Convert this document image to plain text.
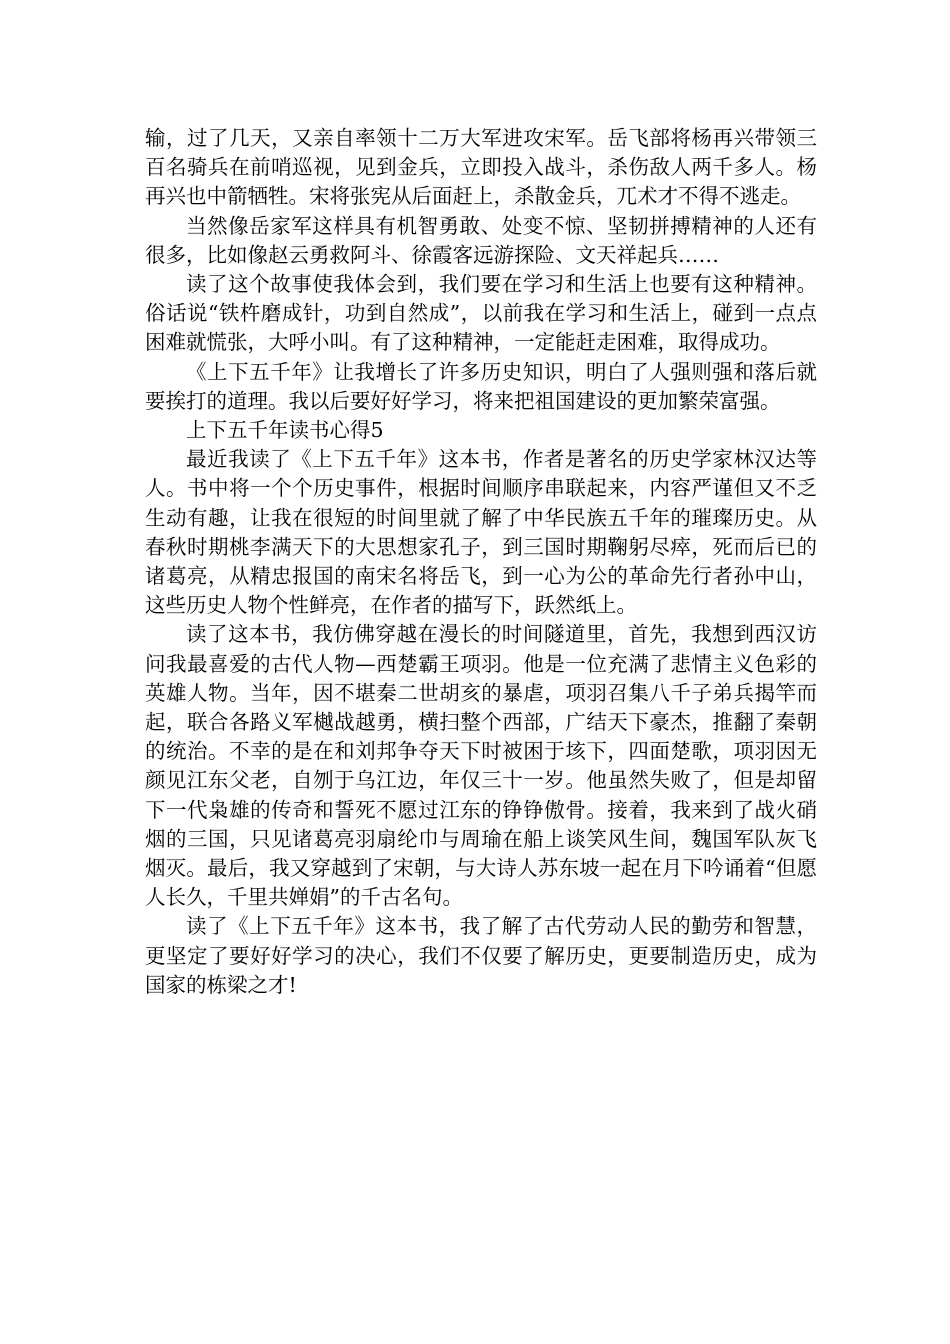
输，过了几天，又亲自率领十二万大军进攻宋军。岳飞部将杨再兴带领三百名骑兵在前哨巡视，见到金兵，立即投入战斗，杀伤敌人两千多人。杨再兴也中箭牺牲。宋将张宪从后面赶上，杀散金兵，兀术才不得不逃走。

当然像岳家军这样具有机智勇敢、处变不惊、坚韧拼搏精神的人还有很多，比如像赵云勇救阿斗、徐霞客远游探险、文天祥起兵……

读了这个故事使我体会到，我们要在学习和生活上也要有这种精神。俗话说“铁杵磨成针，功到自然成”，以前我在学习和生活上，碰到一点点困难就慌张，大呼小叫。有了这种精神，一定能赶走困难，取得成功。

《上下五千年》让我增长了许多历史知识，明白了人强则强和落后就要挨打的道理。我以后要好好学习，将来把祖国建设的更加繁荣富强。

上下五千年读书心得5

最近我读了《上下五千年》这本书，作者是著名的历史学家林汉达等人。书中将一个个历史事件，根据时间顺序串联起来，内容严谨但又不乏生动有趣，让我在很短的时间里就了解了中华民族五千年的璀璨历史。从春秋时期桃李满天下的大思想家孔子，到三国时期鞠躬尽瘁，死而后已的诸葛亮，从精忠报国的南宋名将岳飞，到一心为公的革命先行者孙中山，这些历史人物个性鲜亮，在作者的描写下，跃然纸上。

读了这本书，我仿佛穿越在漫长的时间隧道里，首先，我想到西汉访问我最喜爱的古代人物—西楚霸王项羽。他是一位充满了悲情主义色彩的英雄人物。当年，因不堪秦二世胡亥的暴虐，项羽召集八千子弟兵揭竿而起，联合各路义军樾战越勇，横扫整个西部，广结天下豪杰，推翻了秦朝的统治。不幸的是在和刘邦争夺天下时被困于垓下，四面楚歌，项羽因无颜见江东父老，自刎于乌江边，年仅三十一岁。他虽然失败了，但是却留下一代枭雄的传奇和誓死不愿过江东的铮铮傲骨。接着，我来到了战火硝烟的三国，只见诸葛亮羽扇纶巾与周瑜在船上谈笑风生间，魏国军队灰飞烟灭。最后，我又穿越到了宋朝，与大诗人苏东坡一起在月下吟诵着“但愿人长久，千里共婵娟”的千古名句。

读了《上下五千年》这本书，我了解了古代劳动人民的勤劳和智慧，更坚定了要好好学习的决心，我们不仅要了解历史，更要制造历史，成为国家的栋梁之才!
